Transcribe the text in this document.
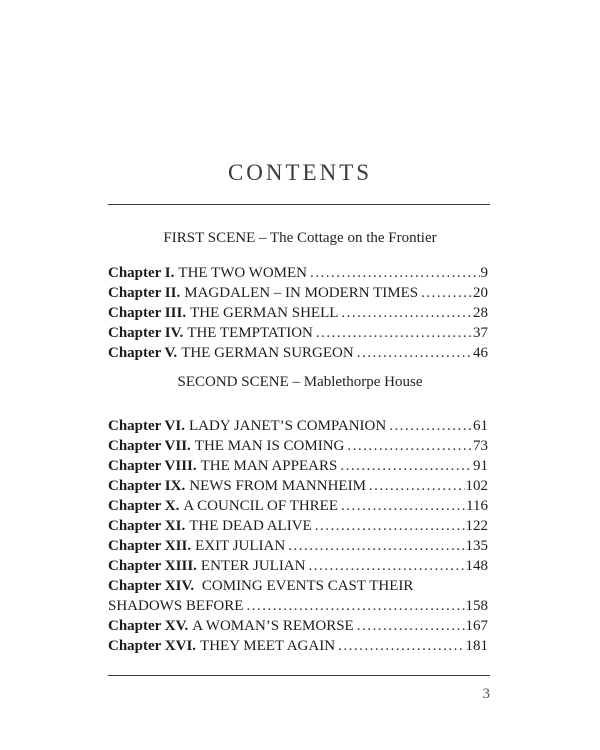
CONTENTS
FIRST SCENE – The Cottage on the Frontier
Chapter I. THE TWO WOMEN .....	9
Chapter II. MAGDALEN – IN MODERN TIMES .....	20
Chapter III. THE GERMAN SHELL .....	28
Chapter IV. THE TEMPTATION .....	37
Chapter V. THE GERMAN SURGEON .....	46
SECOND SCENE – Mablethorpe House
Chapter VI. LADY JANET’S COMPANION .....	61
Chapter VII. THE MAN IS COMING .....	73
Chapter VIII. THE MAN APPEARS .....	91
Chapter IX. NEWS FROM MANNHEIM .....	102
Chapter X. A COUNCIL OF THREE .....	116
Chapter XI. THE DEAD ALIVE .....	122
Chapter XII. EXIT JULIAN .....	135
Chapter XIII. ENTER JULIAN .....	148
Chapter XIV. COMING EVENTS CAST THEIR
SHADOWS BEFORE .....	158
Chapter XV. A WOMAN’S REMORSE .....	167
Chapter XVI. THEY MEET AGAIN .....	181
3
